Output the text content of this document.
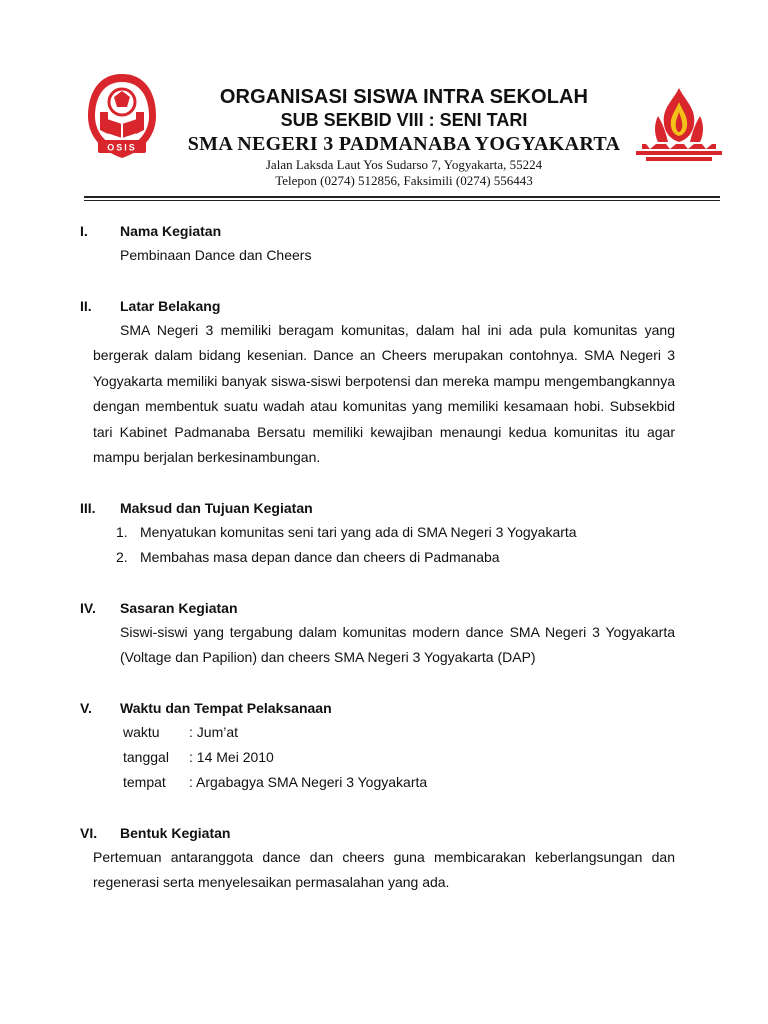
OSIS
ORGANISASI SISWA INTRA SEKOLAH
SUB SEKBID VIII : SENI TARI
SMA NEGERI 3 PADMANABA YOGYAKARTA
Jalan Laksda Laut Yos Sudarso 7, Yogyakarta, 55224
Telepon (0274) 512856, Faksimili (0274) 556443
I.	Nama Kegiatan
Pembinaan Dance dan Cheers
II.	Latar Belakang
SMA Negeri 3 memiliki beragam komunitas, dalam hal ini ada pula komunitas yang bergerak dalam bidang kesenian. Dance an Cheers merupakan contohnya. SMA Negeri 3 Yogyakarta memiliki banyak siswa-siswi berpotensi dan mereka mampu mengembangkannya dengan membentuk suatu wadah atau komunitas yang memiliki kesamaan hobi. Subsekbid tari Kabinet Padmanaba Bersatu memiliki kewajiban menaungi kedua komunitas itu agar mampu berjalan berkesinambungan.
III.	Maksud dan Tujuan Kegiatan
1. Menyatukan komunitas seni tari yang ada di SMA Negeri 3 Yogyakarta
2. Membahas masa depan dance dan cheers di Padmanaba
IV.	Sasaran Kegiatan
Siswi-siswi yang tergabung dalam komunitas modern dance SMA Negeri 3 Yogyakarta (Voltage dan Papilion) dan cheers SMA Negeri 3 Yogyakarta (DAP)
V.	Waktu dan Tempat Pelaksanaan
waktu	: Jum’at
tanggal	: 14 Mei 2010
tempat	: Argabagya SMA Negeri 3 Yogyakarta
VI.	Bentuk Kegiatan
Pertemuan antaranggota dance dan cheers guna membicarakan keberlangsungan dan regenerasi serta menyelesaikan permasalahan yang ada.
